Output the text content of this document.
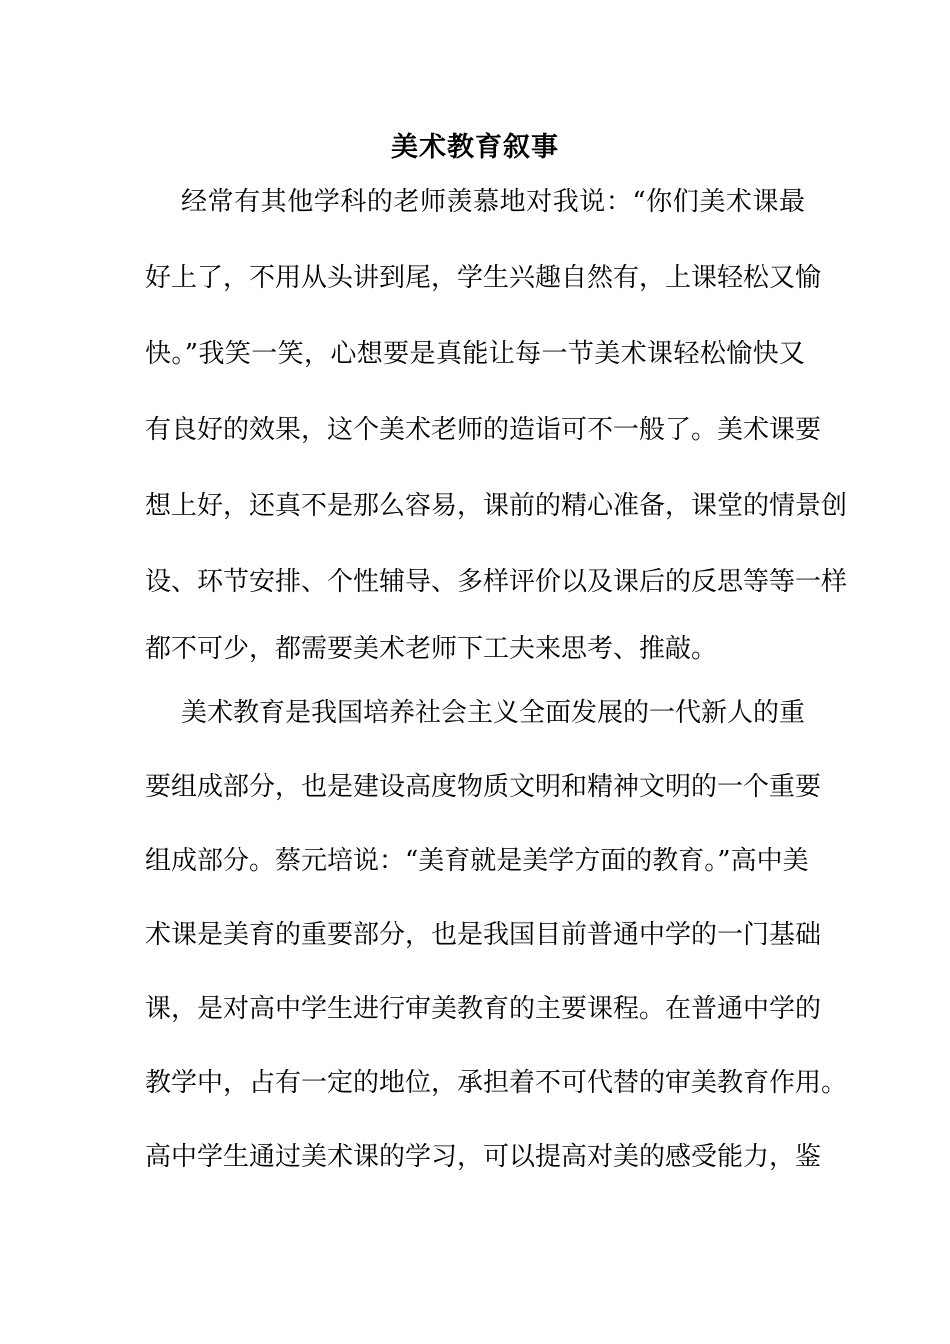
美术教育叙事
经常有其他学科的老师羡慕地对我说：“你们美术课最
好上了，不用从头讲到尾，学生兴趣自然有，上课轻松又愉
快。”我笑一笑，心想要是真能让每一节美术课轻松愉快又
有良好的效果，这个美术老师的造诣可不一般了。美术课要
想上好，还真不是那么容易，课前的精心准备，课堂的情景创
设、环节安排、个性辅导、多样评价以及课后的反思等等一样
都不可少，都需要美术老师下工夫来思考、推敲。
美术教育是我国培养社会主义全面发展的一代新人的重
要组成部分，也是建设高度物质文明和精神文明的一个重要
组成部分。蔡元培说：“美育就是美学方面的教育。”高中美
术课是美育的重要部分，也是我国目前普通中学的一门基础
课，是对高中学生进行审美教育的主要课程。在普通中学的
教学中，占有一定的地位，承担着不可代替的审美教育作用。
高中学生通过美术课的学习，可以提高对美的感受能力，鉴
